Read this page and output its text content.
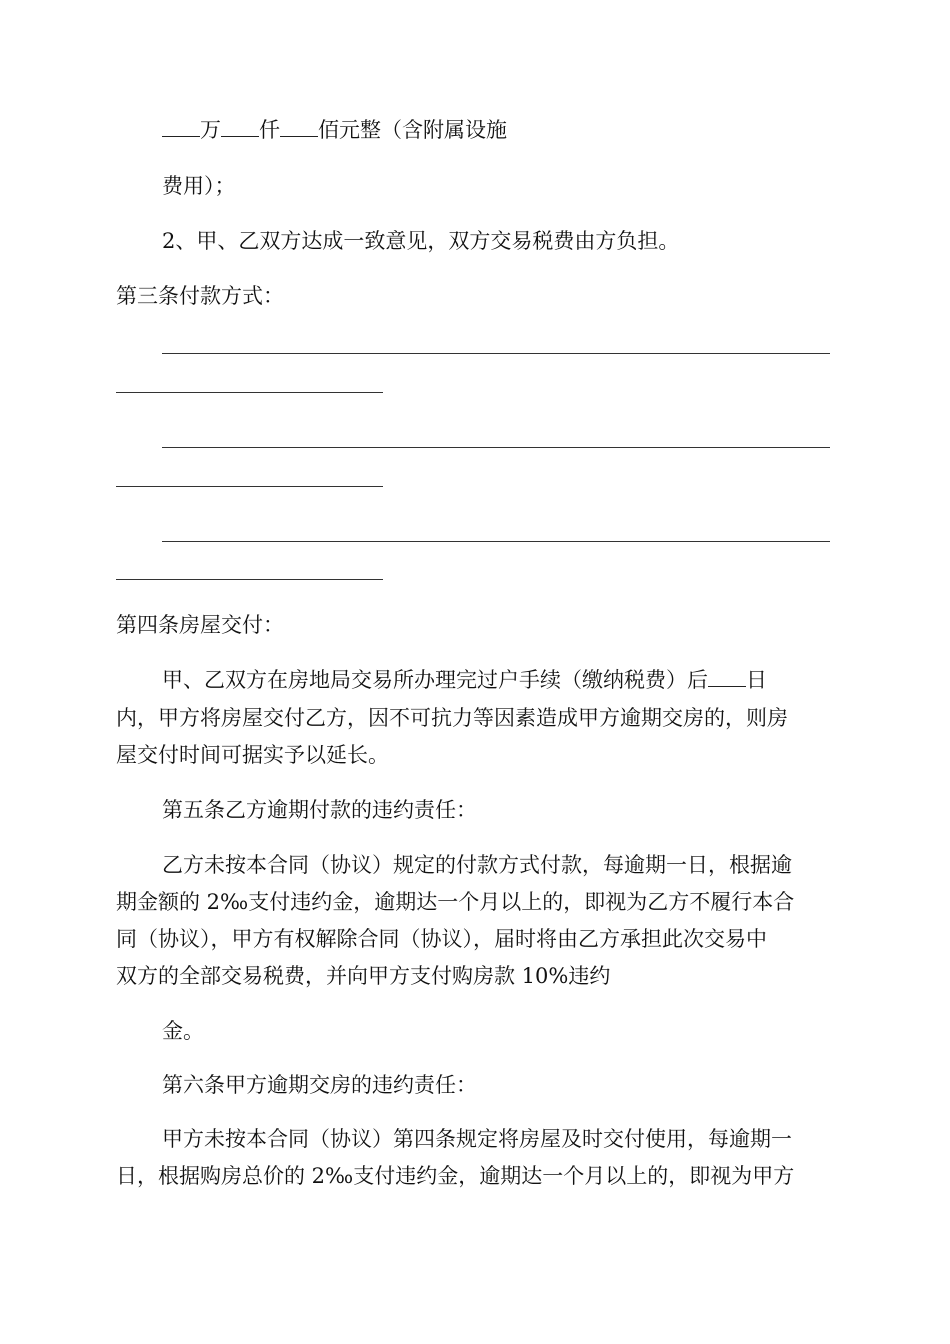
万 仟 佰元整（含附属设施
费用）；
2、甲、乙双方达成一致意见，双方交易税费由方负担。
第三条付款方式：
第四条房屋交付：
甲、乙双方在房地局交易所办理完过户手续（缴纳税费）后 日
内，甲方将房屋交付乙方，因不可抗力等因素造成甲方逾期交房的，则房
屋交付时间可据实予以延长。
第五条乙方逾期付款的违约责任：
乙方未按本合同（协议）规定的付款方式付款，每逾期一日，根据逾
期金额的 2‰支付违约金，逾期达一个月以上的，即视为乙方不履行本合
同（协议），甲方有权解除合同（协议），届时将由乙方承担此次交易中
双方的全部交易税费，并向甲方支付购房款 10%违约
金。
第六条甲方逾期交房的违约责任：
甲方未按本合同（协议）第四条规定将房屋及时交付使用，每逾期一
日，根据购房总价的 2‰支付违约金，逾期达一个月以上的，即视为甲方
